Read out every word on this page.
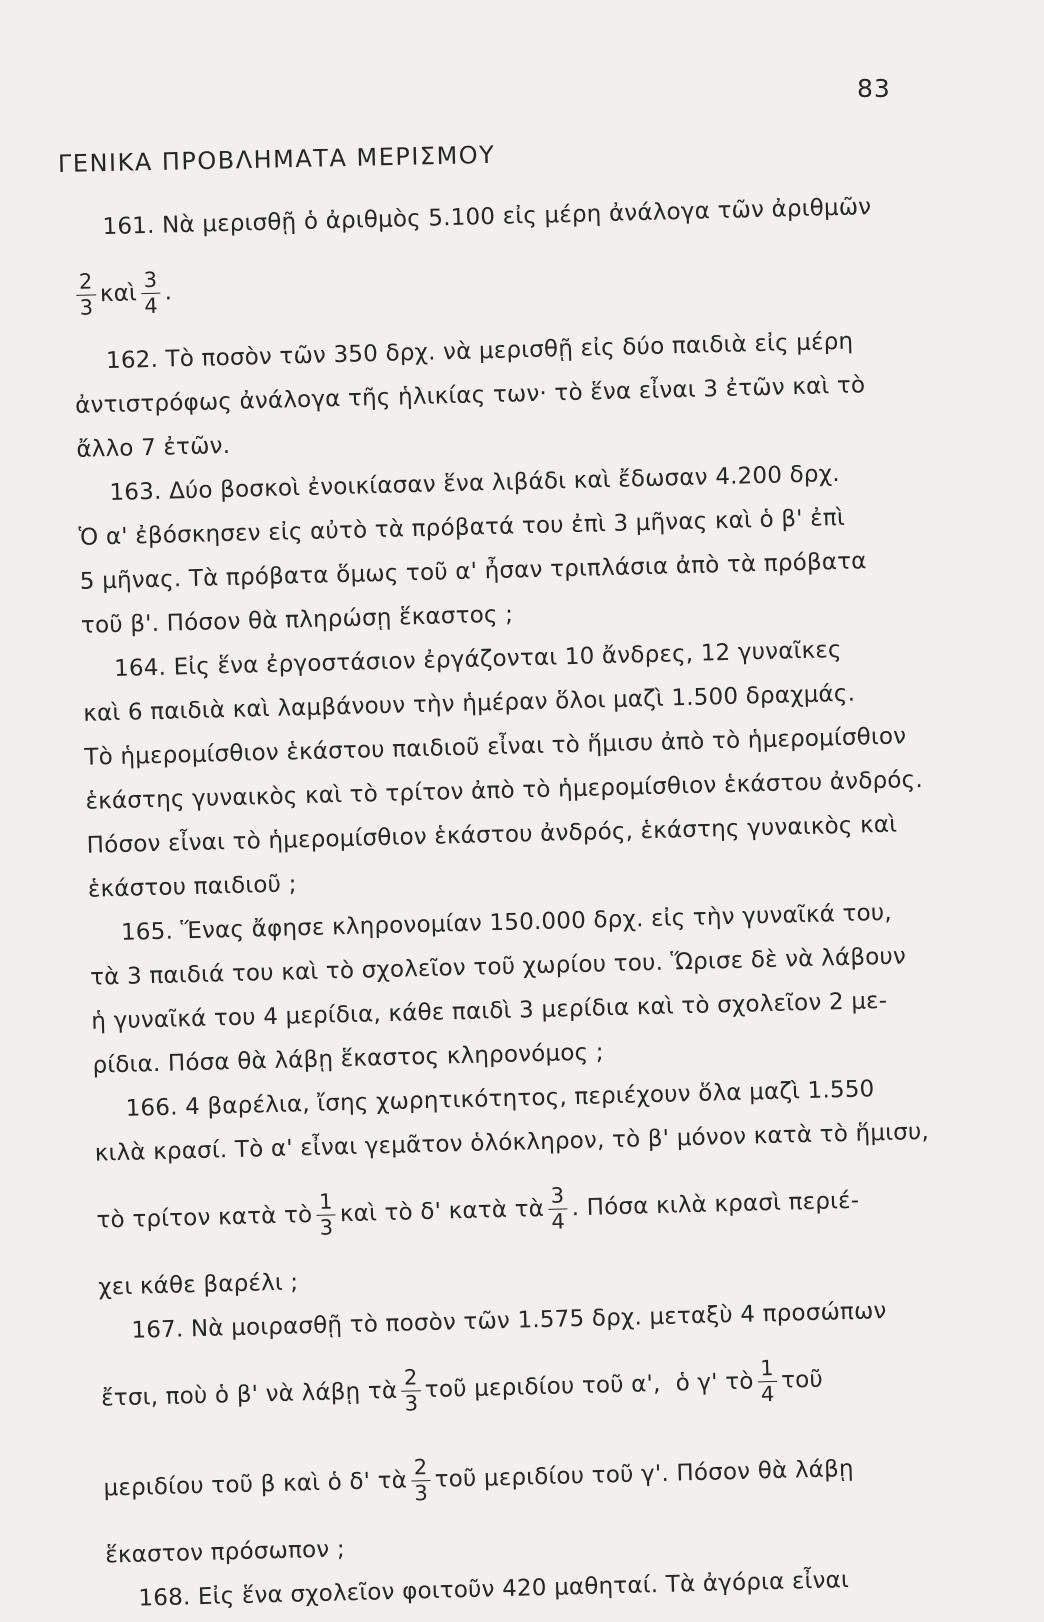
83
ΓΕΝΙΚΑ ΠΡΟΒΛΗΜΑΤΑ ΜΕΡΙΣΜΟΥ
161. Νὰ μερισθῇ ὁ ἀριθμὸς 5.100 εἰς μέρη ἀνάλογα τῶν ἀριθμῶν
$\frac{2}{3}$ καὶ $\frac{3}{4}$ .
162. Τὸ ποσὸν τῶν 350 δρχ. νὰ μερισθῇ εἰς δύο παιδιὰ εἰς μέρη
ἀντιστρόφως ἀνάλογα τῆς ἡλικίας των· τὸ ἕνα εἶναι 3 ἐτῶν καὶ τὸ
ἄλλο 7 ἐτῶν.
163. Δύο βοσκοὶ ἐνοικίασαν ἕνα λιβάδι καὶ ἔδωσαν 4.200 δρχ.
Ὁ α' ἐβόσκησεν εἰς αὐτὸ τὰ πρόβατά του ἐπὶ 3 μῆνας καὶ ὁ β' ἐπὶ
5 μῆνας. Τὰ πρόβατα ὅμως τοῦ α' ἦσαν τριπλάσια ἀπὸ τὰ πρόβατα
τοῦ β'. Πόσον θὰ πληρώσῃ ἕκαστος ;
164. Εἰς ἕνα ἐργοστάσιον ἐργάζονται 10 ἄνδρες, 12 γυναῖκες
καὶ 6 παιδιὰ καὶ λαμβάνουν τὴν ἡμέραν ὅλοι μαζὶ 1.500 δραχμάς.
Τὸ ἡμερομίσθιον ἑκάστου παιδιοῦ εἶναι τὸ ἥμισυ ἀπὸ τὸ ἡμερομίσθιον
ἑκάστης γυναικὸς καὶ τὸ τρίτον ἀπὸ τὸ ἡμερομίσθιον ἑκάστου ἀνδρός.
Πόσον εἶναι τὸ ἡμερομίσθιον ἑκάστου ἀνδρός, ἑκάστης γυναικὸς καὶ
ἑκάστου παιδιοῦ ;
165. Ἕνας ἄφησε κληρονομίαν 150.000 δρχ. εἰς τὴν γυναῖκά του,
τὰ 3 παιδιά του καὶ τὸ σχολεῖον τοῦ χωρίου του. Ὥρισε δὲ νὰ λάβουν
ἡ γυναῖκά του 4 μερίδια, κάθε παιδὶ 3 μερίδια καὶ τὸ σχολεῖον 2 με-
ρίδια. Πόσα θὰ λάβῃ ἕκαστος κληρονόμος ;
166. 4 βαρέλια, ἴσης χωρητικότητος, περιέχουν ὅλα μαζὶ 1.550
κιλὰ κρασί. Τὸ α' εἶναι γεμᾶτον ὁλόκληρον, τὸ β' μόνον κατὰ τὸ ἥμισυ,
τὸ τρίτον κατὰ τὸ $\frac{1}{3}$ καὶ τὸ δ' κατὰ τὰ $\frac{3}{4}$ . Πόσα κιλὰ κρασὶ περιέ-
χει κάθε βαρέλι ;
167. Νὰ μοιρασθῇ τὸ ποσὸν τῶν 1.575 δρχ. μεταξὺ 4 προσώπων
ἔτσι, ποὺ ὁ β' νὰ λάβῃ τὰ $\frac{2}{3}$ τοῦ μεριδίου τοῦ α',  ὁ γ' τὸ $\frac{1}{4}$ τοῦ
μεριδίου τοῦ β καὶ ὁ δ' τὰ $\frac{2}{3}$ τοῦ μεριδίου τοῦ γ'. Πόσον θὰ λάβῃ
ἕκαστον πρόσωπον ;
168. Εἰς ἕνα σχολεῖον φοιτοῦν 420 μαθηταί. Τὰ ἀγόρια εἶναι
